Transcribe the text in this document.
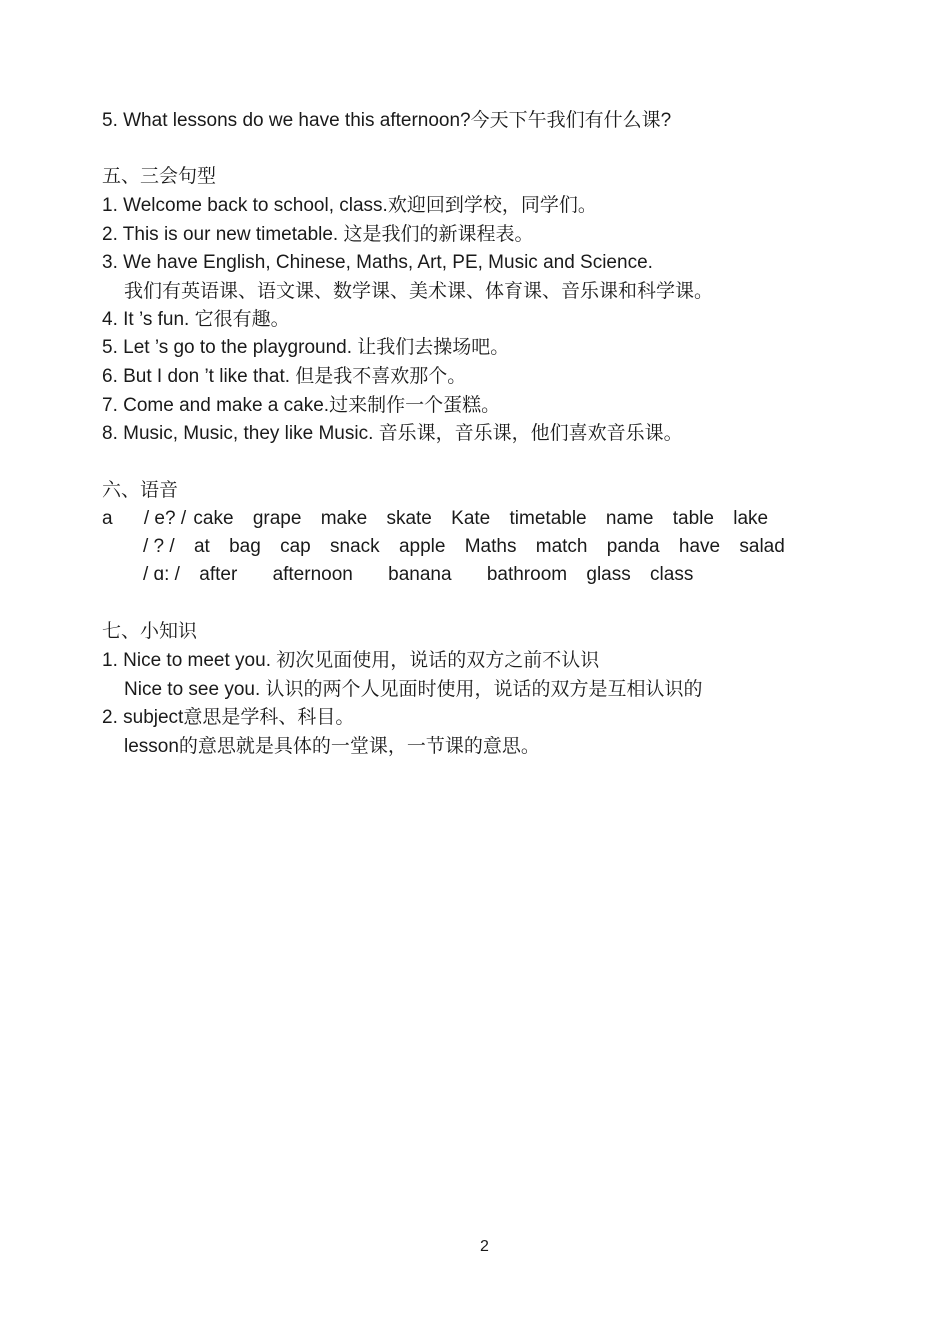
5. What lessons do we have this afternoon?今天下午我们有什么课?
五、三会句型
1. Welcome back to school, class.欢迎回到学校，同学们。
2. This is our new timetable. 这是我们的新课程表。
3. We have English, Chinese, Maths, Art, PE, Music and Science.
我们有英语课、语文课、数学课、美术课、体育课、音乐课和科学课。
4. It ’s fun. 它很有趣。
5. Let ’s go to the playground. 让我们去操场吧。
6. But I don ’t like that. 但是我不喜欢那个。
7. Come and make a cake.过来制作一个蛋糕。
8. Music, Music, they like Music. 音乐课，音乐课，他们喜欢音乐课。
六、语音
a / e? / cake grape make skate Kate timetable name table lake
/ ? / at bag cap snack apple Maths match panda have salad
/ ɑ: / after afternoon banana bathroom glass class
七、小知识
1. Nice to meet you. 初次见面使用，说话的双方之前不认识
Nice to see you. 认识的两个人见面时使用，说话的双方是互相认识的
2. subject意思是学科、科目。
lesson的意思就是具体的一堂课，一节课的意思。
2
